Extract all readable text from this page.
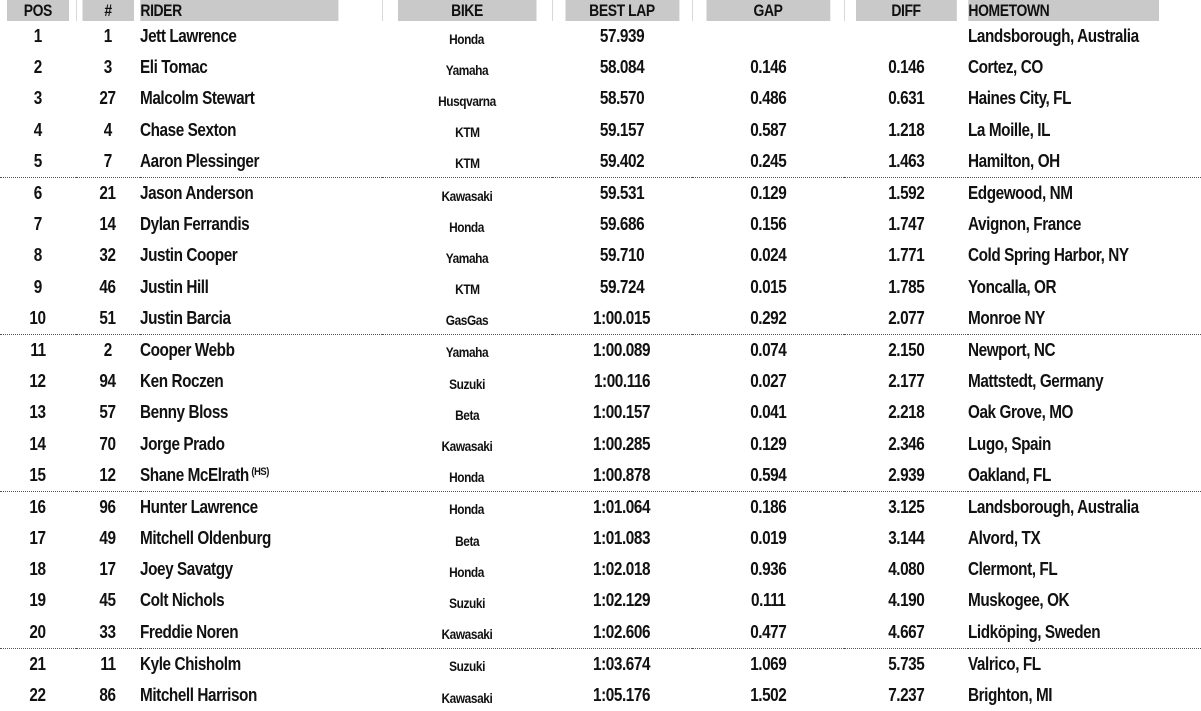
POS	#	RIDER	BIKE	BEST LAP	GAP	DIFF	HOMETOWN
1	1	Jett Lawrence	Honda	57.939			Landsborough, Australia
2	3	Eli Tomac	Yamaha	58.084	0.146	0.146	Cortez, CO
3	27	Malcolm Stewart	Husqvarna	58.570	0.486	0.631	Haines City, FL
4	4	Chase Sexton	KTM	59.157	0.587	1.218	La Moille, IL
5	7	Aaron Plessinger	KTM	59.402	0.245	1.463	Hamilton, OH
6	21	Jason Anderson	Kawasaki	59.531	0.129	1.592	Edgewood, NM
7	14	Dylan Ferrandis	Honda	59.686	0.156	1.747	Avignon, France
8	32	Justin Cooper	Yamaha	59.710	0.024	1.771	Cold Spring Harbor, NY
9	46	Justin Hill	KTM	59.724	0.015	1.785	Yoncalla, OR
10	51	Justin Barcia	GasGas	1:00.015	0.292	2.077	Monroe NY
11	2	Cooper Webb	Yamaha	1:00.089	0.074	2.150	Newport, NC
12	94	Ken Roczen	Suzuki	1:00.116	0.027	2.177	Mattstedt, Germany
13	57	Benny Bloss	Beta	1:00.157	0.041	2.218	Oak Grove, MO
14	70	Jorge Prado	Kawasaki	1:00.285	0.129	2.346	Lugo, Spain
15	12	Shane McElrath $^{(HS)}$	Honda	1:00.878	0.594	2.939	Oakland, FL
16	96	Hunter Lawrence	Honda	1:01.064	0.186	3.125	Landsborough, Australia
17	49	Mitchell Oldenburg	Beta	1:01.083	0.019	3.144	Alvord, TX
18	17	Joey Savatgy	Honda	1:02.018	0.936	4.080	Clermont, FL
19	45	Colt Nichols	Suzuki	1:02.129	0.111	4.190	Muskogee, OK
20	33	Freddie Noren	Kawasaki	1:02.606	0.477	4.667	Lidköping, Sweden
21	11	Kyle Chisholm	Suzuki	1:03.674	1.069	5.735	Valrico, FL
22	86	Mitchell Harrison	Kawasaki	1:05.176	1.502	7.237	Brighton, MI
